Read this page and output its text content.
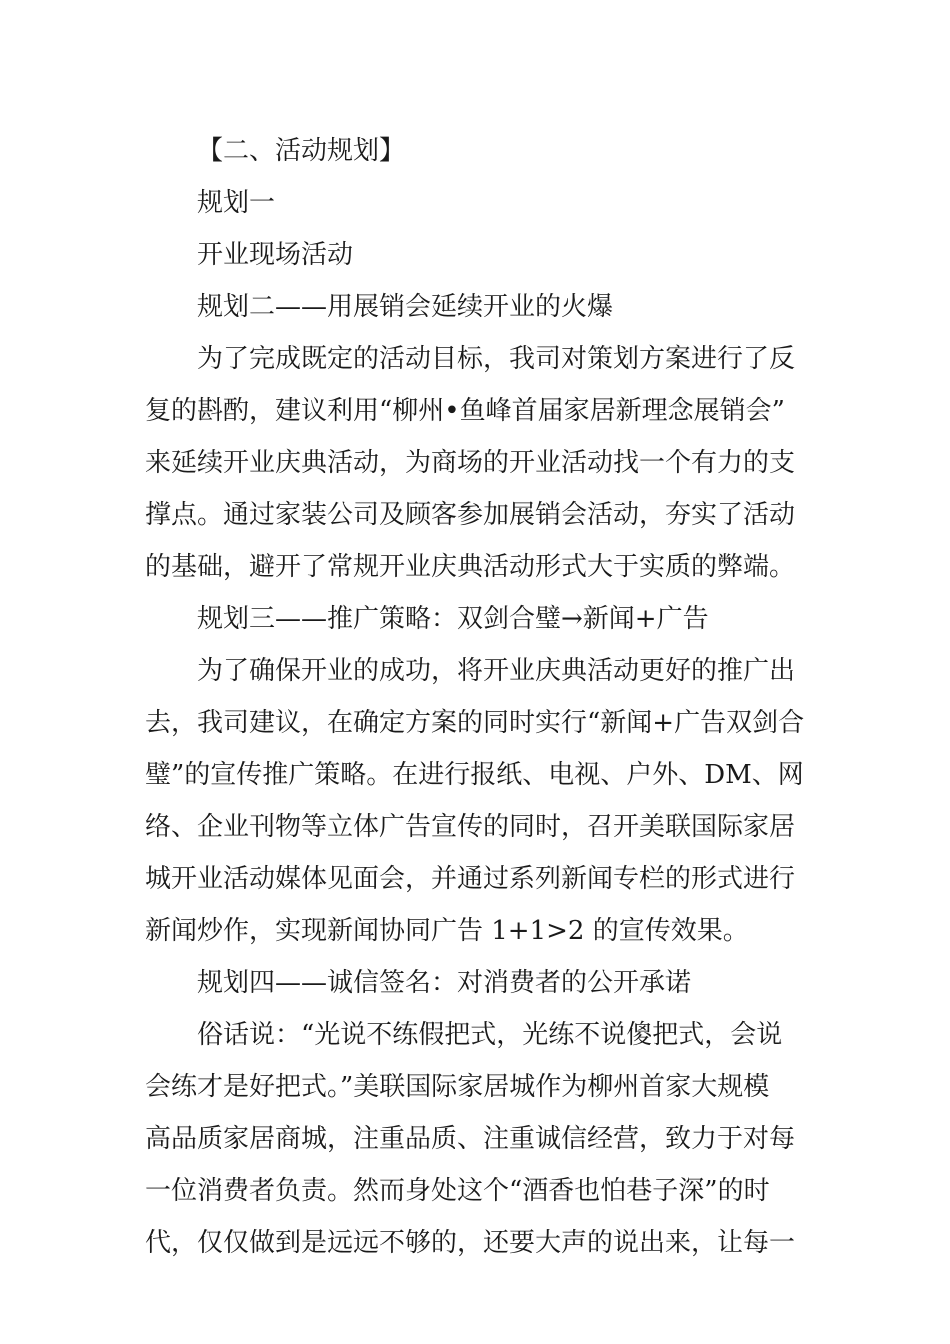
【二、活动规划】
规划一
开业现场活动
规划二——用展销会延续开业的火爆
为了完成既定的活动目标，我司对策划方案进行了反
复的斟酌，建议利用“柳州•鱼峰首届家居新理念展销会”
来延续开业庆典活动，为商场的开业活动找一个有力的支
撑点。通过家装公司及顾客参加展销会活动，夯实了活动
的基础，避开了常规开业庆典活动形式大于实质的弊端。
规划三——推广策略：双剑合璧→新闻+广告
为了确保开业的成功，将开业庆典活动更好的推广出
去，我司建议，在确定方案的同时实行“新闻+广告双剑合
璧”的宣传推广策略。在进行报纸、电视、户外、DM、网
络、企业刊物等立体广告宣传的同时，召开美联国际家居
城开业活动媒体见面会，并通过系列新闻专栏的形式进行
新闻炒作，实现新闻协同广告 1+1>2 的宣传效果。
规划四——诚信签名：对消费者的公开承诺
俗话说：“光说不练假把式，光练不说傻把式，会说
会练才是好把式。”美联国际家居城作为柳州首家大规模
高品质家居商城，注重品质、注重诚信经营，致力于对每
一位消费者负责。然而身处这个“酒香也怕巷子深”的时
代，仅仅做到是远远不够的，还要大声的说出来，让每一
